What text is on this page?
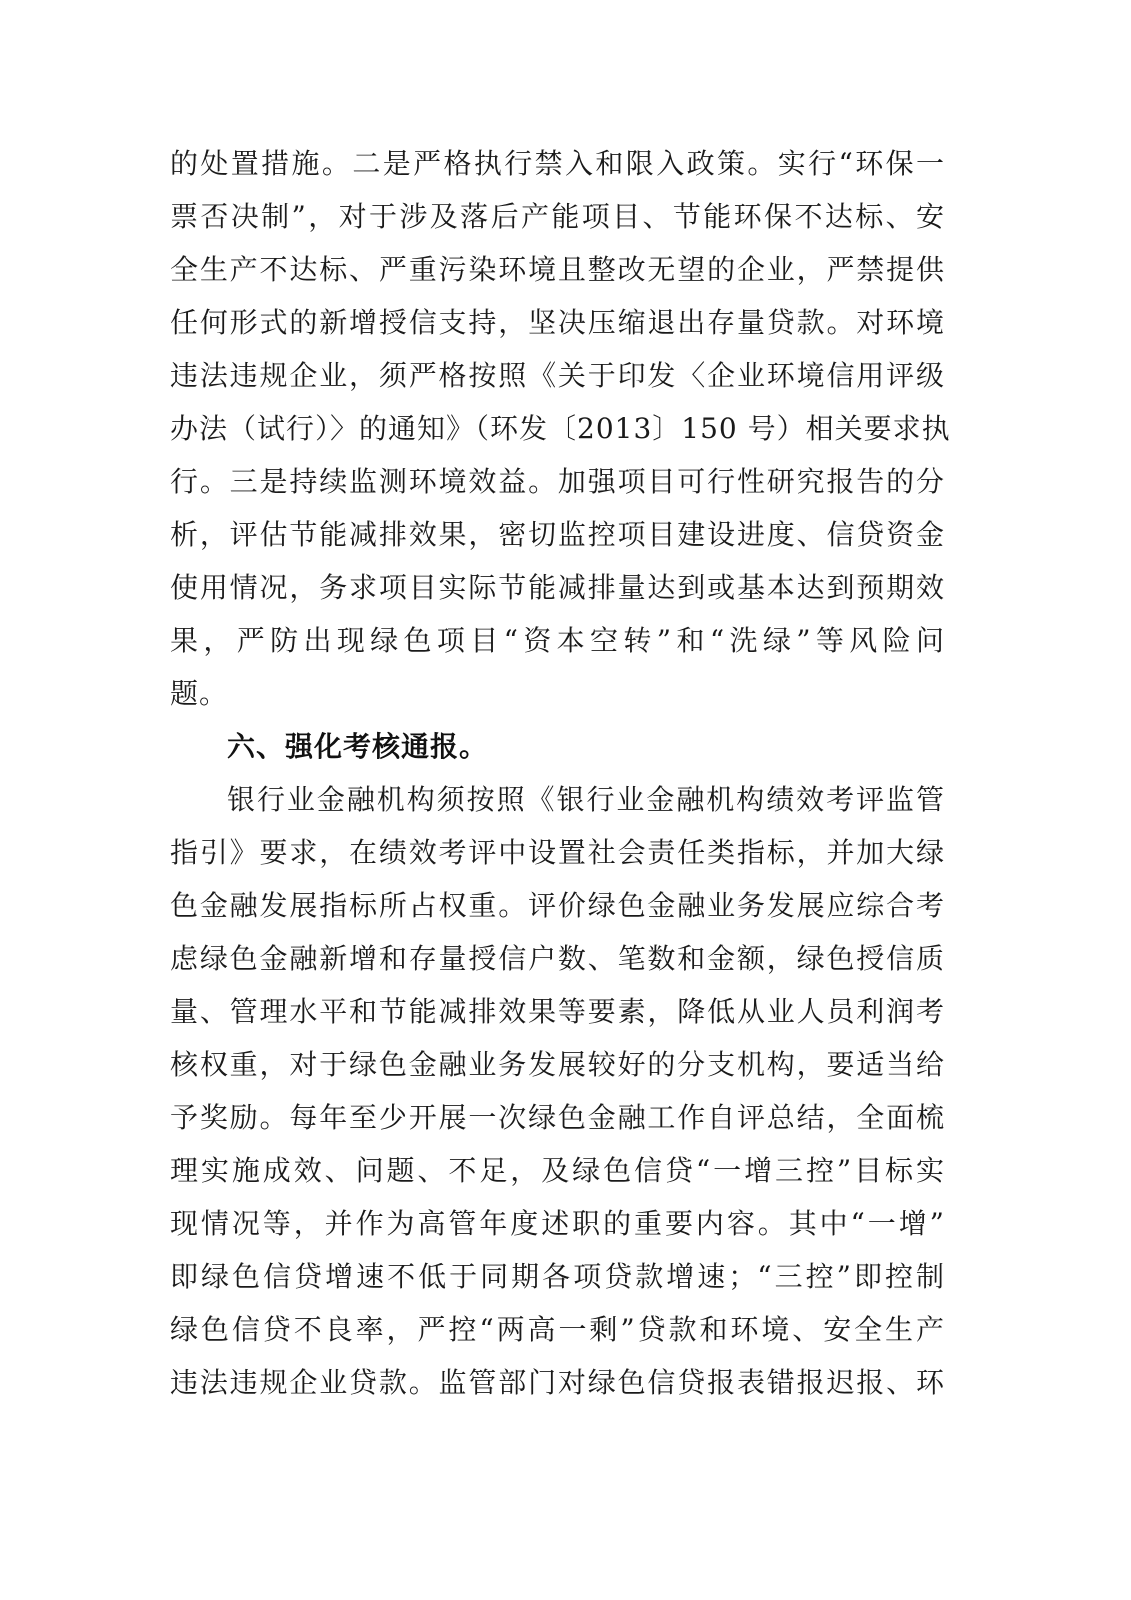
的处置措施。二是严格执行禁入和限入政策。实行“环保一
票否决制”，对于涉及落后产能项目、节能环保不达标、安
全生产不达标、严重污染环境且整改无望的企业，严禁提供
任何形式的新增授信支持，坚决压缩退出存量贷款。对环境
违法违规企业，须严格按照《关于印发〈企业环境信用评级
办法（试行）〉的通知》（环发〔2013〕150 号）相关要求执
行。三是持续监测环境效益。加强项目可行性研究报告的分
析，评估节能减排效果，密切监控项目建设进度、信贷资金
使用情况，务求项目实际节能减排量达到或基本达到预期效
果，严防出现绿色项目“资本空转”和“洗绿”等风险问
题。
六、强化考核通报。
银行业金融机构须按照《银行业金融机构绩效考评监管
指引》要求，在绩效考评中设置社会责任类指标，并加大绿
色金融发展指标所占权重。评价绿色金融业务发展应综合考
虑绿色金融新增和存量授信户数、笔数和金额，绿色授信质
量、管理水平和节能减排效果等要素，降低从业人员利润考
核权重，对于绿色金融业务发展较好的分支机构，要适当给
予奖励。每年至少开展一次绿色金融工作自评总结，全面梳
理实施成效、问题、不足，及绿色信贷“一增三控”目标实
现情况等，并作为高管年度述职的重要内容。其中“一增”
即绿色信贷增速不低于同期各项贷款增速；“三控”即控制
绿色信贷不良率，严控“两高一剩”贷款和环境、安全生产
违法违规企业贷款。监管部门对绿色信贷报表错报迟报、环
